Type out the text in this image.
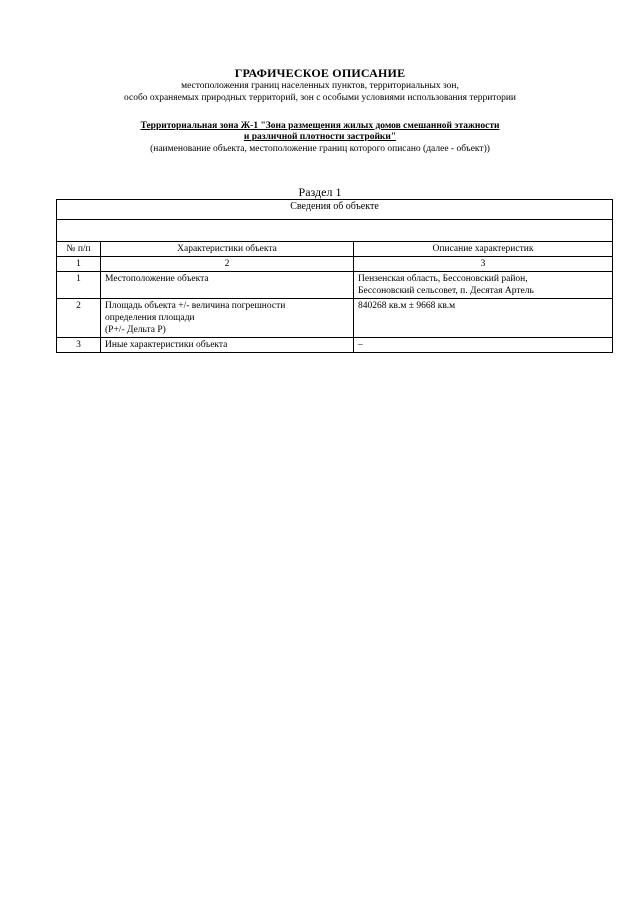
ГРАФИЧЕСКОЕ ОПИСАНИЕ
местоположения границ населенных пунктов, территориальных зон,
особо охраняемых природных территорий, зон с особыми условиями использования территории
Территориальная зона Ж-1 "Зона размещения жилых домов смешанной этажности
и различной плотности застройки"
(наименование объекта, местоположение границ которого описано (далее - объект))
Раздел 1
Сведения об объекте		

№ п/п	Характеристики объекта	Описание характеристик
1	2	3
1	Местоположение объекта	Пензенская область, Бессоновский район,
Бессоновский сельсовет, п. Десятая Артель

2	Площадь объекта +/- величина погрешности
определения площади
(P+/- Дельта P)	840268 кв.м ± 9668 кв.м

3	Иные характеристики объекта	–
